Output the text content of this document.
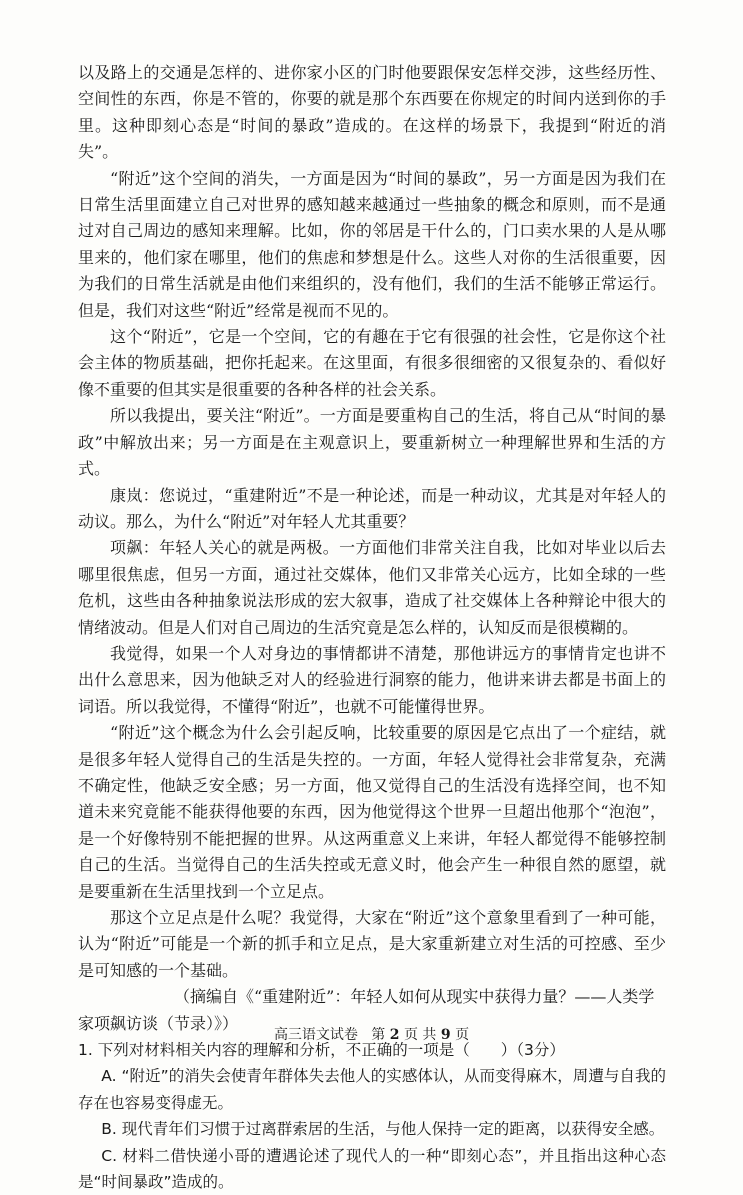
以及路上的交通是怎样的、进你家小区的门时他要跟保安怎样交涉，这些经历性、空间性的东西，你是不管的，你要的就是那个东西要在你规定的时间内送到你的手里。这种即刻心态是“时间的暴政”造成的。在这样的场景下，我提到“附近的消失”。

“附近”这个空间的消失，一方面是因为“时间的暴政”，另一方面是因为我们在日常生活里面建立自己对世界的感知越来越通过一些抽象的概念和原则，而不是通过对自己周边的感知来理解。比如，你的邻居是干什么的，门口卖水果的人是从哪里来的，他们家在哪里，他们的焦虑和梦想是什么。这些人对你的生活很重要，因为我们的日常生活就是由他们来组织的，没有他们，我们的生活不能够正常运行。但是，我们对这些“附近”经常是视而不见的。

这个“附近”，它是一个空间，它的有趣在于它有很强的社会性，它是你这个社会主体的物质基础，把你托起来。在这里面，有很多很细密的又很复杂的、看似好像不重要的但其实是很重要的各种各样的社会关系。

所以我提出，要关注“附近”。一方面是要重构自己的生活，将自己从“时间的暴政”中解放出来；另一方面是在主观意识上，要重新树立一种理解世界和生活的方式。

康岚：您说过，“重建附近”不是一种论述，而是一种动议，尤其是对年轻人的动议。那么，为什么“附近”对年轻人尤其重要？

项飙：年轻人关心的就是两极。一方面他们非常关注自我，比如对毕业以后去哪里很焦虑，但另一方面，通过社交媒体，他们又非常关心远方，比如全球的一些危机，这些由各种抽象说法形成的宏大叙事，造成了社交媒体上各种辩论中很大的情绪波动。但是人们对自己周边的生活究竟是怎么样的，认知反而是很模糊的。

我觉得，如果一个人对身边的事情都讲不清楚，那他讲远方的事情肯定也讲不出什么意思来，因为他缺乏对人的经验进行洞察的能力，他讲来讲去都是书面上的词语。所以我觉得，不懂得“附近”，也就不可能懂得世界。

“附近”这个概念为什么会引起反响，比较重要的原因是它点出了一个症结，就是很多年轻人觉得自己的生活是失控的。一方面，年轻人觉得社会非常复杂，充满不确定性，他缺乏安全感；另一方面，他又觉得自己的生活没有选择空间，也不知道未来究竟能不能获得他要的东西，因为他觉得这个世界一旦超出他那个“泡泡”，是一个好像特别不能把握的世界。从这两重意义上来讲，年轻人都觉得不能够控制自己的生活。当觉得自己的生活失控或无意义时，他会产生一种很自然的愿望，就是要重新在生活里找到一个立足点。

那这个立足点是什么呢？我觉得，大家在“附近”这个意象里看到了一种可能，认为“附近”可能是一个新的抓手和立足点，是大家重新建立对生活的可控感、至少是可知感的一个基础。

（摘编自《“重建附近”：年轻人如何从现实中获得力量？——人类学家项飙访谈（节录）》）

1. 下列对材料相关内容的理解和分析，不正确的一项是（　　）（3分）

A. “附近”的消失会使青年群体失去他人的实感体认，从而变得麻木，周遭与自我的存在也容易变得虚无。

B. 现代青年们习惯于过离群索居的生活，与他人保持一定的距离，以获得安全感。

C. 材料二借快递小哥的遭遇论述了现代人的一种“即刻心态”，并且指出这种心态是“时间暴政”造成的。

高三语文试卷 第 2 页 共 9 页
